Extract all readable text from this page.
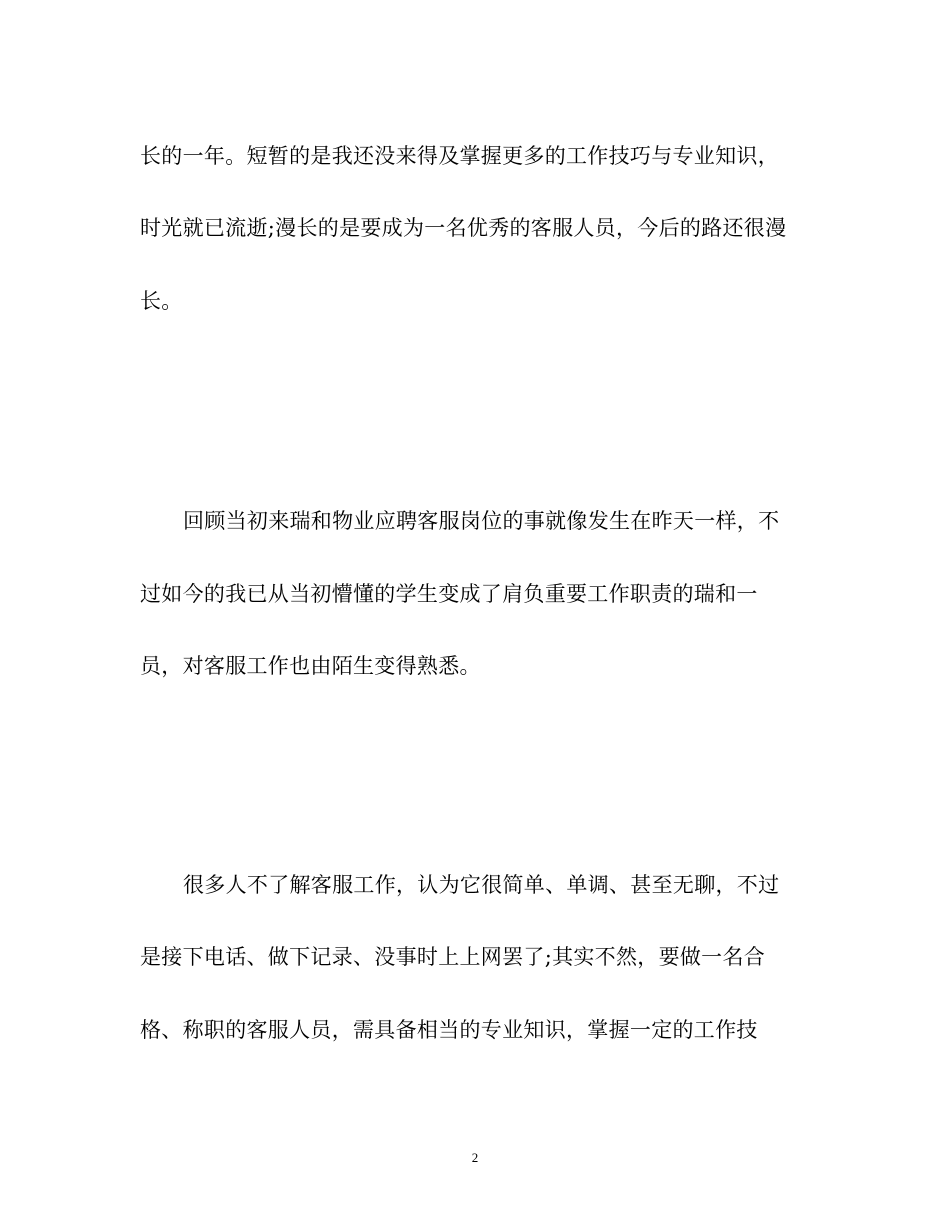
长的一年。短暂的是我还没来得及掌握更多的工作技巧与专业知识，
时光就已流逝;漫长的是要成为一名优秀的客服人员，今后的路还很漫
长。
回顾当初来瑞和物业应聘客服岗位的事就像发生在昨天一样，不
过如今的我已从当初懵懂的学生变成了肩负重要工作职责的瑞和一
员，对客服工作也由陌生变得熟悉。
很多人不了解客服工作，认为它很简单、单调、甚至无聊，不过
是接下电话、做下记录、没事时上上网罢了;其实不然，要做一名合
格、称职的客服人员，需具备相当的专业知识，掌握一定的工作技
2
